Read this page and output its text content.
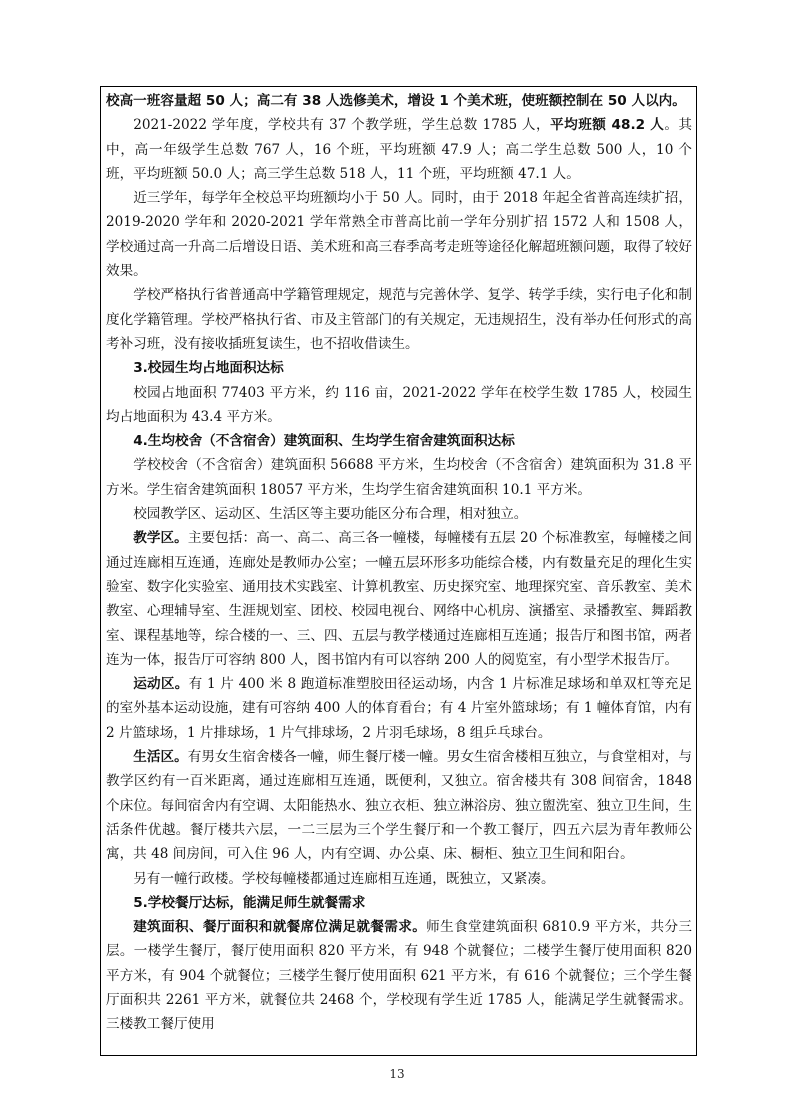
校高一班容量超 50 人；高二有 38 人选修美术，增设 1 个美术班，使班额控制在 50 人以内。

2021-2022 学年度，学校共有 37 个教学班，学生总数 1785 人，平均班额 48.2 人。其中，高一年级学生总数 767 人，16 个班，平均班额 47.9 人；高二学生总数 500 人，10 个班，平均班额 50.0 人；高三学生总数 518 人，11 个班，平均班额 47.1 人。

近三学年，每学年全校总平均班额均小于 50 人。同时，由于 2018 年起全省普高连续扩招，2019-2020 学年和 2020-2021 学年常熟全市普高比前一学年分别扩招 1572 人和 1508 人，学校通过高一升高二后增设日语、美术班和高三春季高考走班等途径化解超班额问题，取得了较好效果。

学校严格执行省普通高中学籍管理规定，规范与完善休学、复学、转学手续，实行电子化和制度化学籍管理。学校严格执行省、市及主管部门的有关规定，无违规招生，没有举办任何形式的高考补习班，没有接收插班复读生，也不招收借读生。

3.校园生均占地面积达标

校园占地面积 77403 平方米，约 116 亩，2021-2022 学年在校学生数 1785 人，校园生均占地面积为 43.4 平方米。

4.生均校舍（不含宿舍）建筑面积、生均学生宿舍建筑面积达标

学校校舍（不含宿舍）建筑面积 56688 平方米，生均校舍（不含宿舍）建筑面积为 31.8 平方米。学生宿舍建筑面积 18057 平方米，生均学生宿舍建筑面积 10.1 平方米。

校园教学区、运动区、生活区等主要功能区分布合理，相对独立。

教学区。主要包括：高一、高二、高三各一幢楼，每幢楼有五层 20 个标准教室，每幢楼之间通过连廊相互连通，连廊处是教师办公室；一幢五层环形多功能综合楼，内有数量充足的理化生实验室、数字化实验室、通用技术实践室、计算机教室、历史探究室、地理探究室、音乐教室、美术教室、心理辅导室、生涯规划室、团校、校园电视台、网络中心机房、演播室、录播教室、舞蹈教室、课程基地等，综合楼的一、三、四、五层与教学楼通过连廊相互连通；报告厅和图书馆，两者连为一体，报告厅可容纳 800 人，图书馆内有可以容纳 200 人的阅览室，有小型学术报告厅。

运动区。有 1 片 400 米 8 跑道标准塑胶田径运动场，内含 1 片标准足球场和单双杠等充足的室外基本运动设施，建有可容纳 400 人的体育看台；有 4 片室外篮球场；有 1 幢体育馆，内有 2 片篮球场，1 片排球场，1 片气排球场，2 片羽毛球场，8 组乒乓球台。

生活区。有男女生宿舍楼各一幢，师生餐厅楼一幢。男女生宿舍楼相互独立，与食堂相对，与教学区约有一百米距离，通过连廊相互连通，既便利，又独立。宿舍楼共有 308 间宿舍，1848 个床位。每间宿舍内有空调、太阳能热水、独立衣柜、独立淋浴房、独立盥洗室、独立卫生间，生活条件优越。餐厅楼共六层，一二三层为三个学生餐厅和一个教工餐厅，四五六层为青年教师公寓，共 48 间房间，可入住 96 人，内有空调、办公桌、床、橱柜、独立卫生间和阳台。

另有一幢行政楼。学校每幢楼都通过连廊相互连通，既独立，又紧凑。

5.学校餐厅达标，能满足师生就餐需求

建筑面积、餐厅面积和就餐席位满足就餐需求。师生食堂建筑面积 6810.9 平方米，共分三层。一楼学生餐厅，餐厅使用面积 820 平方米，有 948 个就餐位；二楼学生餐厅使用面积 820 平方米，有 904 个就餐位；三楼学生餐厅使用面积 621 平方米，有 616 个就餐位；三个学生餐厅面积共 2261 平方米，就餐位共 2468 个，学校现有学生近 1785 人，能满足学生就餐需求。三楼教工餐厅使用

13
